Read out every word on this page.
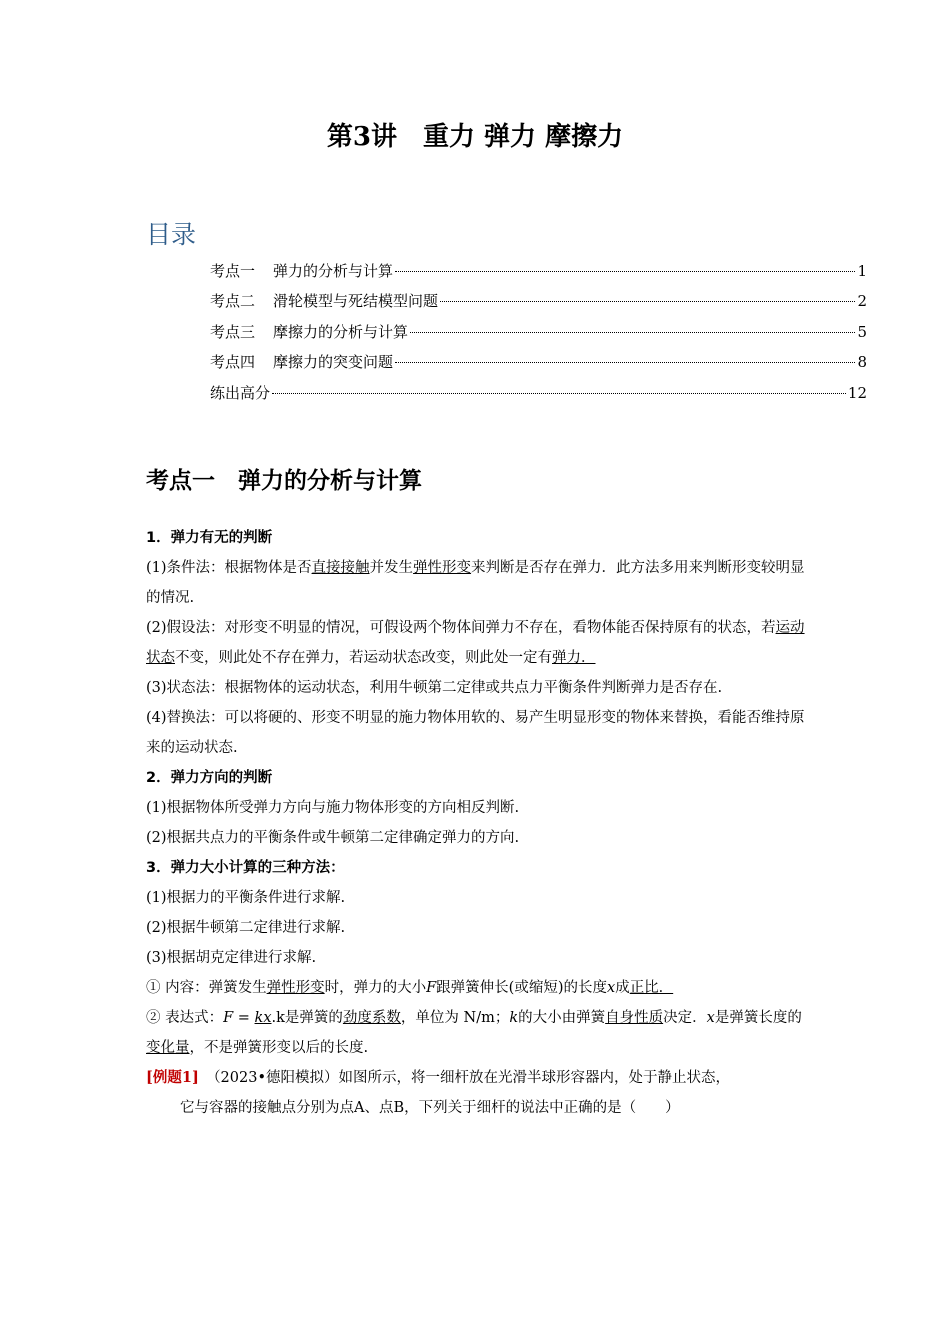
第3讲　重力 弹力 摩擦力
目录
考点一 弹力的分析与计算	1
考点二 滑轮模型与死结模型问题	2
考点三 摩擦力的分析与计算	5
考点四 摩擦力的突变问题	8
练出高分	12
考点一　弹力的分析与计算
1．弹力有无的判断
(1)条件法：根据物体是否直接接触并发生弹性形变来判断是否存在弹力．此方法多用来判断形变较明显的情况.
(2)假设法：对形变不明显的情况，可假设两个物体间弹力不存在，看物体能否保持原有的状态，若运动状态不变，则此处不存在弹力，若运动状态改变，则此处一定有弹力．
(3)状态法：根据物体的运动状态，利用牛顿第二定律或共点力平衡条件判断弹力是否存在.
(4)替换法：可以将硬的、形变不明显的施力物体用软的、易产生明显形变的物体来替换，看能否维持原来的运动状态.
2．弹力方向的判断
(1)根据物体所受弹力方向与施力物体形变的方向相反判断.
(2)根据共点力的平衡条件或牛顿第二定律确定弹力的方向.
3．弹力大小计算的三种方法：
(1)根据力的平衡条件进行求解.
(2)根据牛顿第二定律进行求解.
(3)根据胡克定律进行求解.
① 内容：弹簧发生弹性形变时，弹力的大小F跟弹簧伸长(或缩短)的长度x成正比．
② 表达式：F = kx.k是弹簧的劲度系数，单位为 N/m；k的大小由弹簧自身性质决定．x是弹簧长度的变化量，不是弹簧形变以后的长度.
[例题1]　 （2023•德阳模拟）如图所示，将一细杆放在光滑半球形容器内，处于静止状态，
它与容器的接触点分别为点A、点B，下列关于细杆的说法中正确的是（　　）
